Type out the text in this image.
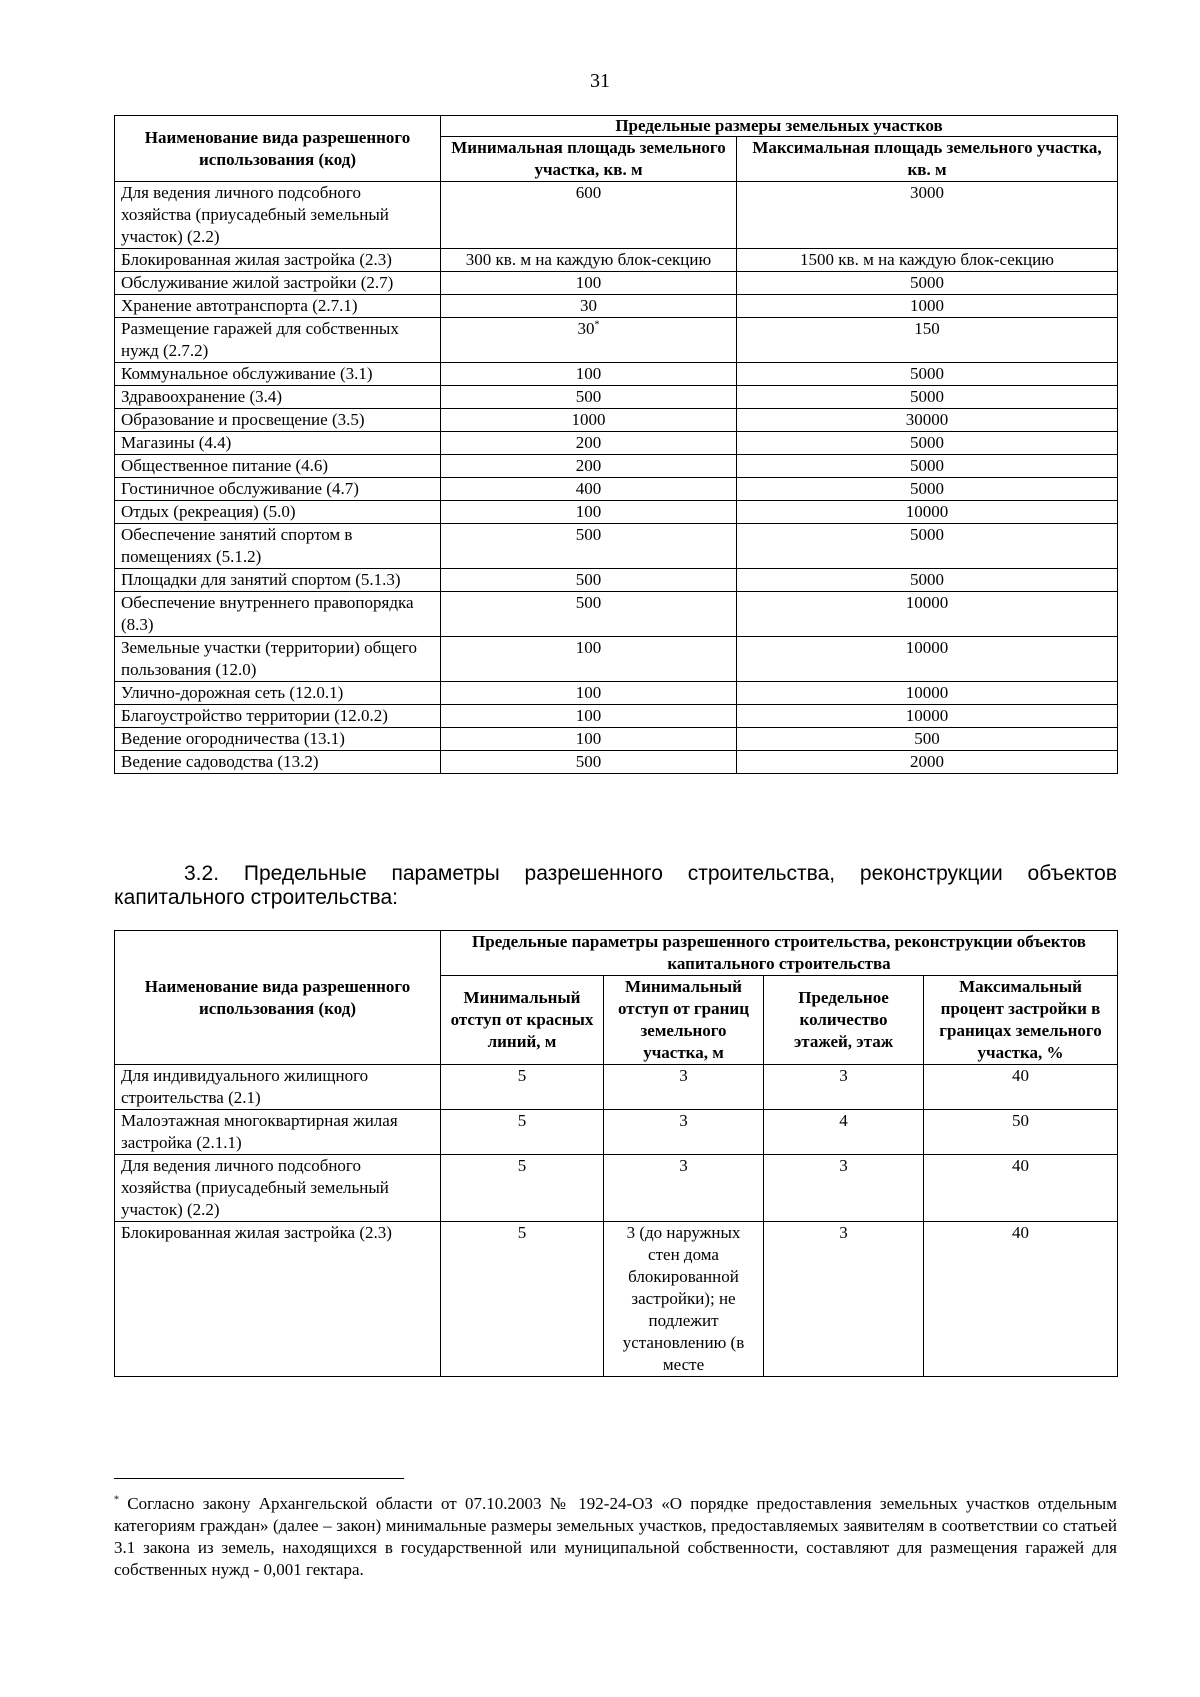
31
Наименование вида разрешенного использования (код)	Предельные размеры земельных участков	
	Минимальная площадь земельного участка, кв. м	Максимальная площадь земельного участка, кв. м
Для ведения личного подсобного хозяйства (приусадебный земельный участок) (2.2)	600	3000
Блокированная жилая застройка (2.3)	300 кв. м на каждую блок-секцию	1500 кв. м на каждую блок-секцию
Обслуживание жилой застройки (2.7)	100	5000
Хранение автотранспорта (2.7.1)	30	1000
Размещение гаражей для собственных нужд (2.7.2)	30*	150
Коммунальное обслуживание (3.1)	100	5000
Здравоохранение (3.4)	500	5000
Образование и просвещение (3.5)	1000	30000
Магазины (4.4)	200	5000
Общественное питание (4.6)	200	5000
Гостиничное обслуживание (4.7)	400	5000
Отдых (рекреация) (5.0)	100	10000
Обеспечение занятий спортом в помещениях (5.1.2)	500	5000
Площадки для занятий спортом (5.1.3)	500	5000
Обеспечение внутреннего правопорядка (8.3)	500	10000
Земельные участки (территории) общего пользования (12.0)	100	10000
Улично-дорожная сеть (12.0.1)	100	10000
Благоустройство территории (12.0.2)	100	10000
Ведение огородничества (13.1)	100	500
Ведение садоводства (13.2)	500	2000
3.2. Предельные параметры разрешенного строительства, реконструкции объектов капитального строительства:
Наименование вида разрешенного использования (код)	Предельные параметры разрешенного строительства, реконструкции объектов капитального строительства			
	Минимальный отступ от красных линий, м	Минимальный отступ от границ земельного участка, м	Предельное количество этажей, этаж	Максимальный процент застройки в границах земельного участка, %
Для индивидуального жилищного строительства (2.1)	5	3	3	40
Малоэтажная многоквартирная жилая застройка (2.1.1)	5	3	4	50
Для ведения личного подсобного хозяйства (приусадебный земельный участок) (2.2)	5	3	3	40
Блокированная жилая застройка (2.3)	5	3 (до наружных стен дома блокированной застройки); не подлежит установлению (в месте	3	40
* Согласно закону Архангельской области от 07.10.2003 № 192-24-ОЗ «О порядке предоставления земельных участков отдельным категориям граждан» (далее – закон) минимальные размеры земельных участков, предоставляемых заявителям в соответствии со статьей 3.1 закона из земель, находящихся в государственной или муниципальной собственности, составляют для размещения гаражей для собственных нужд - 0,001 гектара.
